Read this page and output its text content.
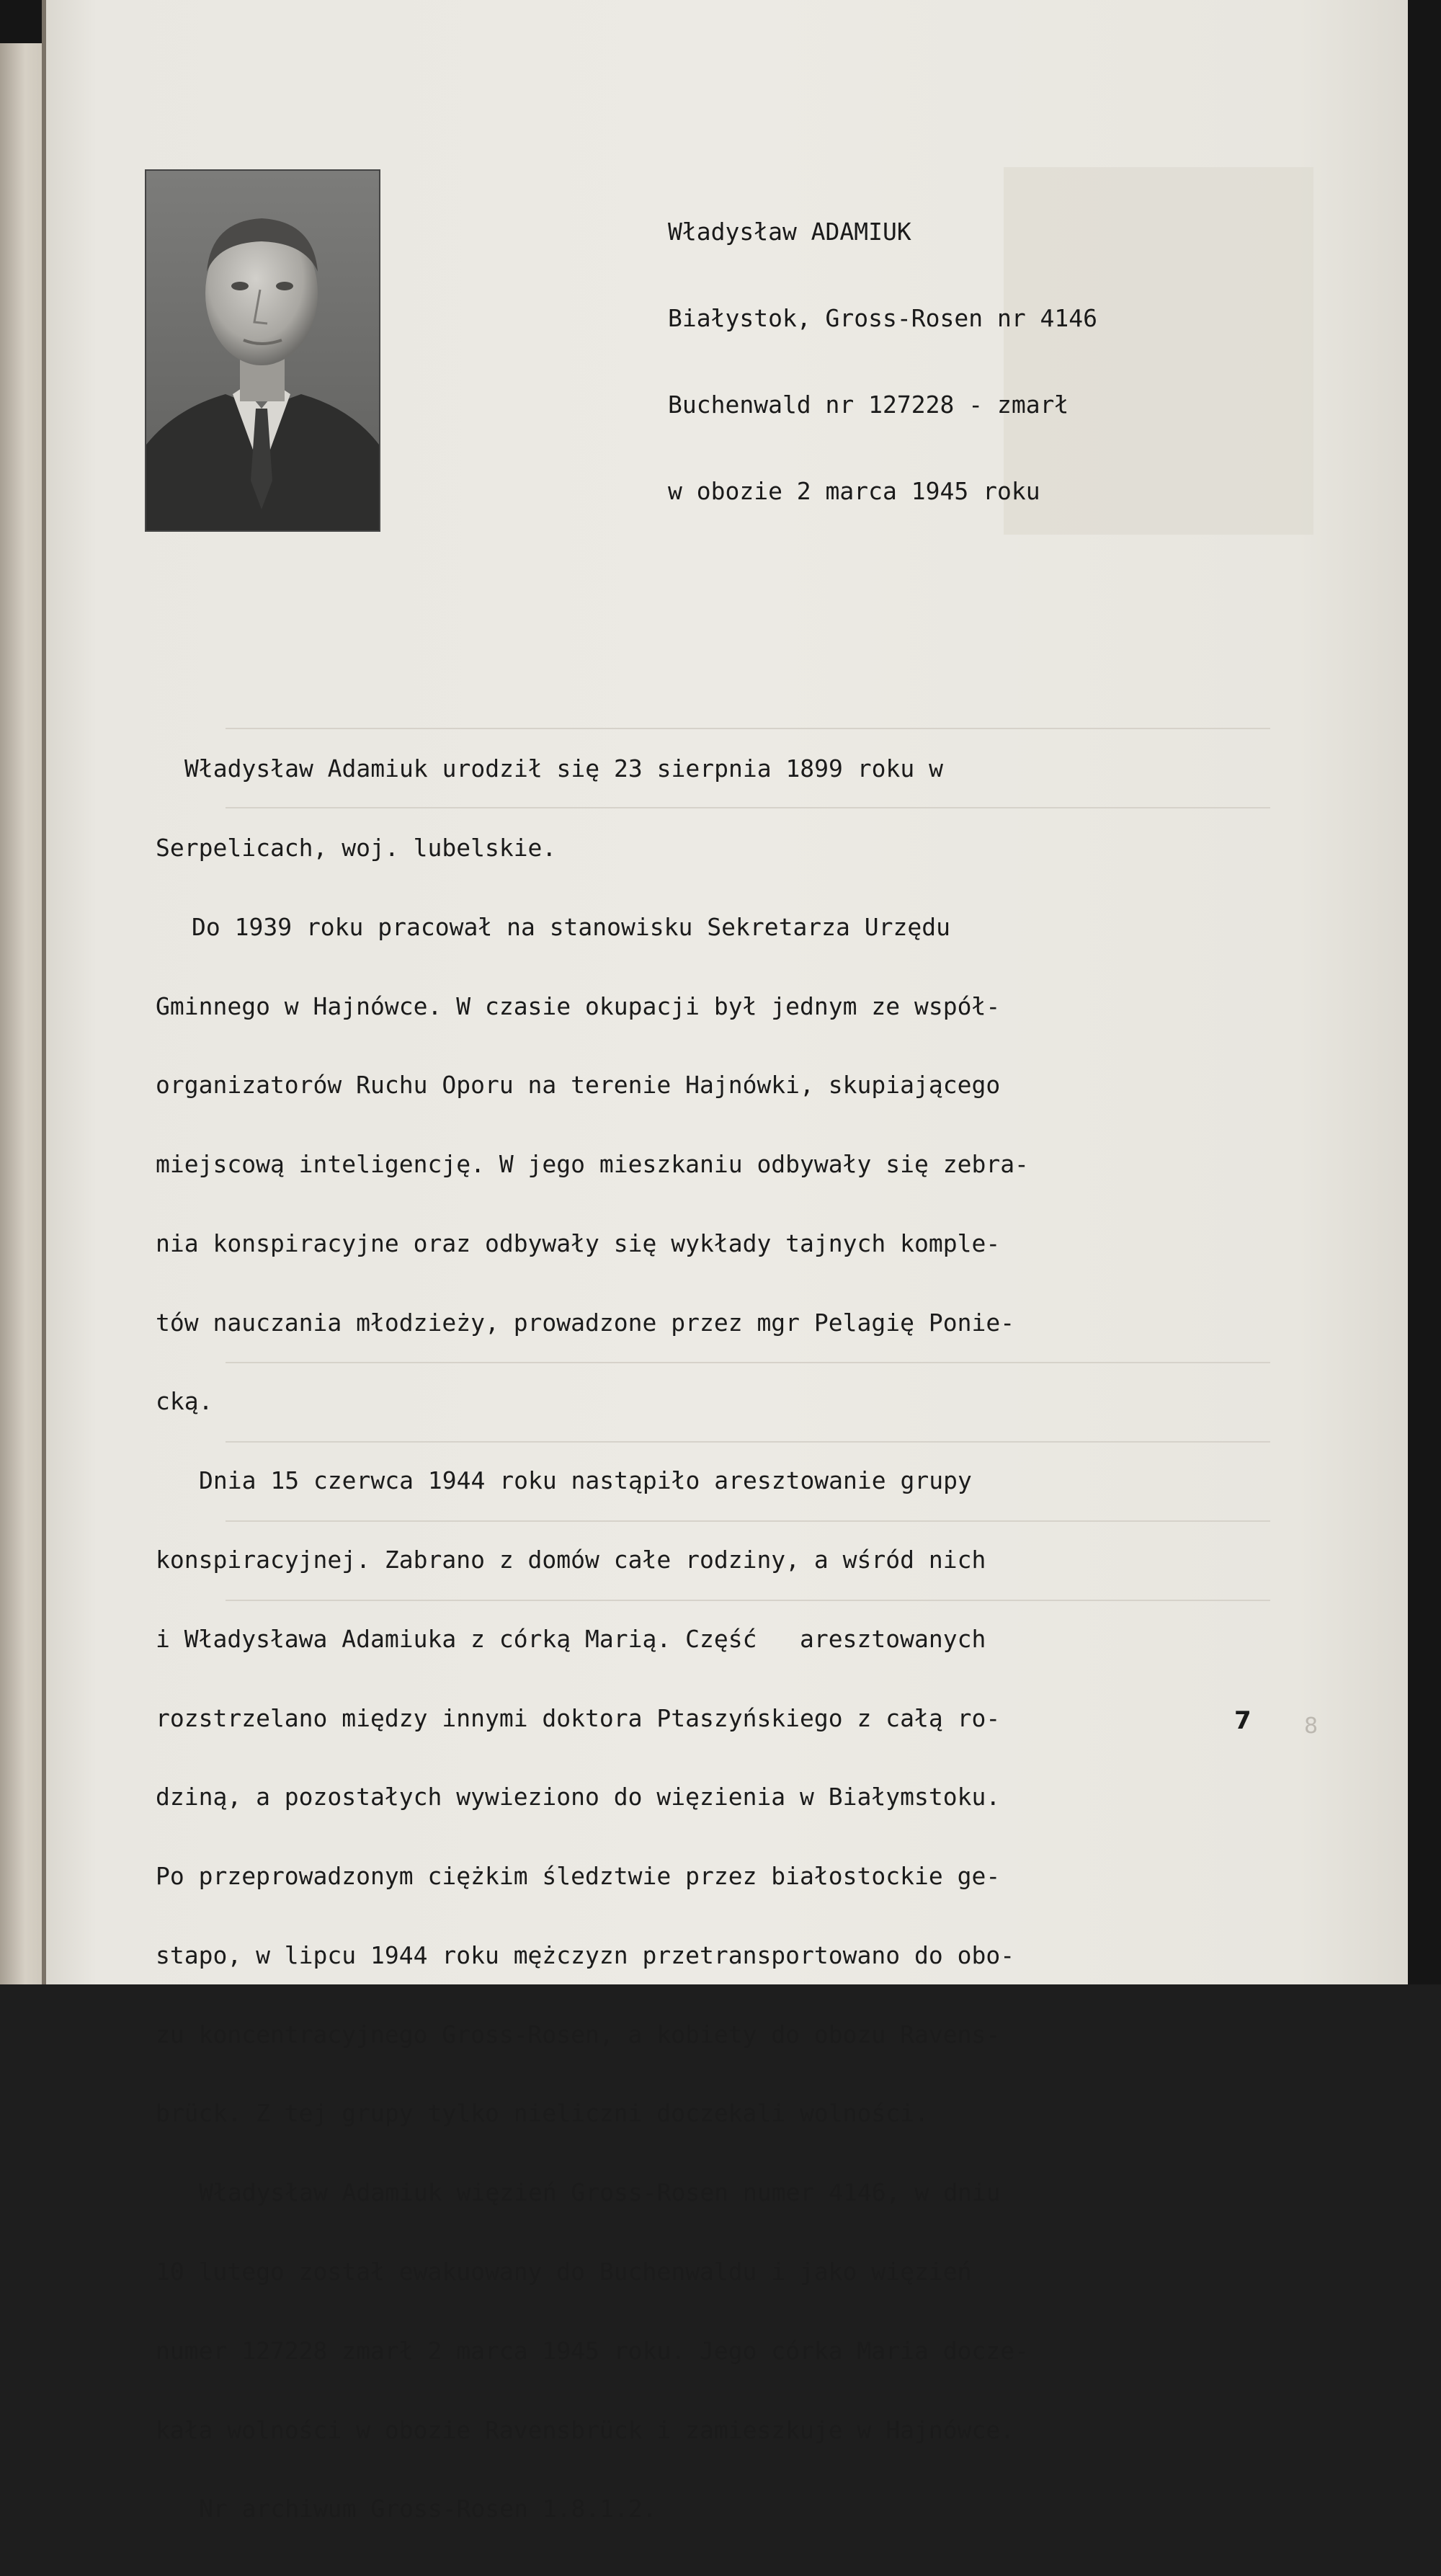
Władysław ADAMIUK

Białystok, Gross-Rosen nr 4146

Buchenwald nr 127228 - zmarł

w obozie 2 marca 1945 roku

Władysław Adamiuk urodził się 23 sierpnia 1899 roku w

Serpelicach, woj. lubelskie.

Do 1939 roku pracował na stanowisku Sekretarza Urzędu

Gminnego w Hajnówce. W czasie okupacji był jednym ze współ-

organizatorów Ruchu Oporu na terenie Hajnówki, skupiającego

miejscową inteligencję. W jego mieszkaniu odbywały się zebra-

nia konspiracyjne oraz odbywały się wykłady tajnych komple-

tów nauczania młodzieży, prowadzone przez mgr Pelagię Ponie-

cką.

Dnia 15 czerwca 1944 roku nastąpiło aresztowanie grupy

konspiracyjnej. Zabrano z domów całe rodziny, a wśród nich

i Władysława Adamiuka z córką Marią. Część   aresztowanych

rozstrzelano między innymi doktora Ptaszyńskiego z całą ro-

dziną, a pozostałych wywieziono do więzienia w Białymstoku.

Po przeprowadzonym ciężkim śledztwie przez białostockie ge-

stapo, w lipcu 1944 roku mężczyzn przetransportowano do obo-

zu koncentracyjnego Gross-Rosen, a kobiety do obozu Ravens-

brück. Z tej grupy tylko nieliczni doczekali wolności.

Władysław Adamiuk więzień Gross-Rosen numer 4146, w dniu

10 lutego został ewakuowany do Buchenwaldu i jako więzień

numer 127228 zmarł 2 marca 1945 roku. Jego córka Maria docze-

kała wolności w obozie Ravensbrück i zamieszkuje w Hajnówce.

Nr archiwum Gross-Rosen 1.8.1.2.

7 8
